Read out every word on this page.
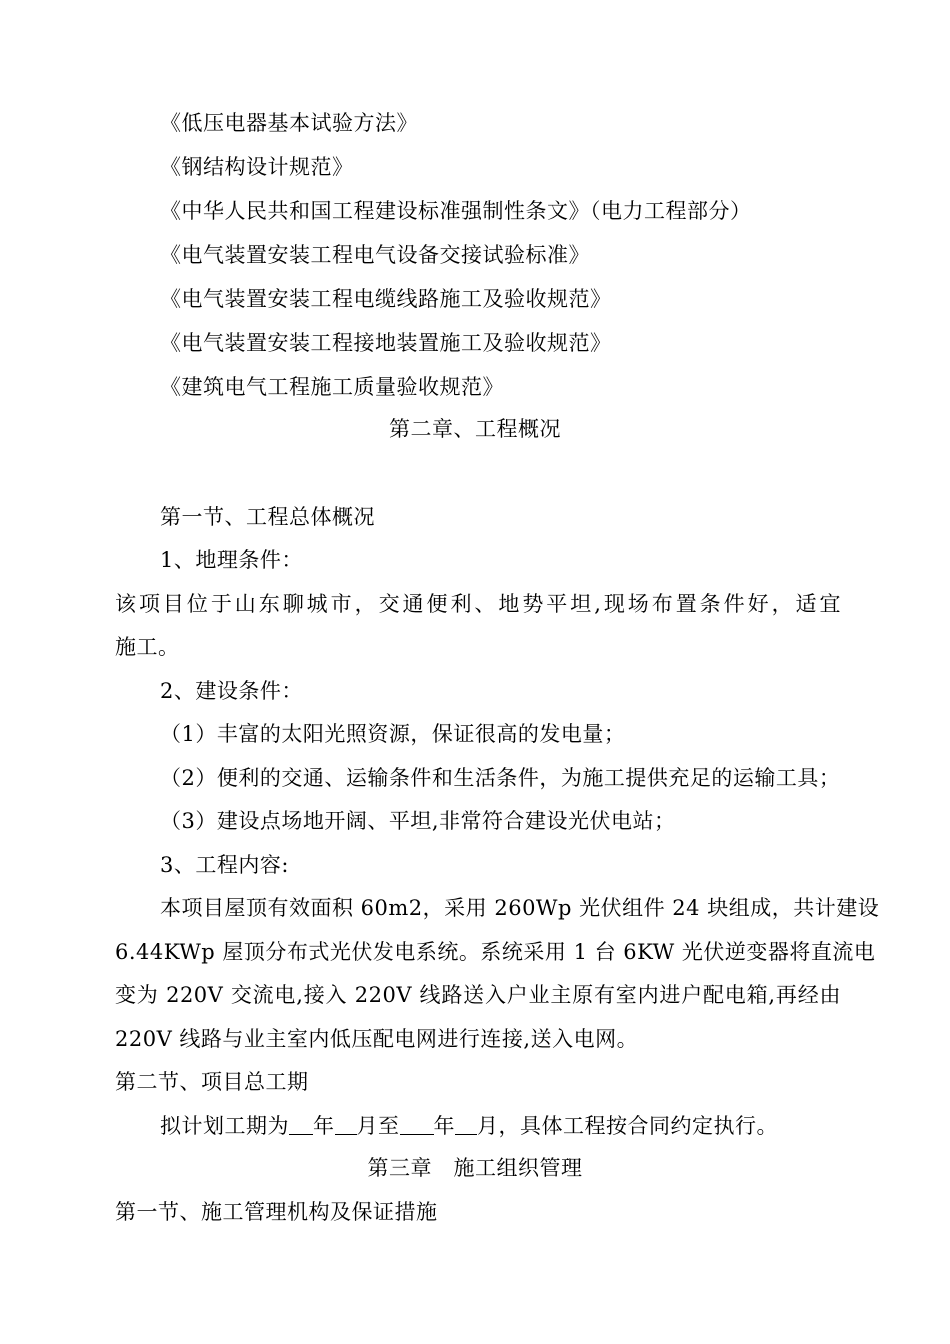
《低压电器基本试验方法》
《钢结构设计规范》
《中华人民共和国工程建设标准强制性条文》（电力工程部分）
《电气装置安装工程电气设备交接试验标准》
《电气装置安装工程电缆线路施工及验收规范》
《电气装置安装工程接地装置施工及验收规范》
《建筑电气工程施工质量验收规范》
第二章、工程概况
第一节、工程总体概况
1、地理条件：
该项目位于山东聊城市，交通便利、地势平坦,现场布置条件好，适宜
施工。
2、建设条件：
（1）丰富的太阳光照资源，保证很高的发电量；
（2）便利的交通、运输条件和生活条件，为施工提供充足的运输工具；
（3）建设点场地开阔、平坦,非常符合建设光伏电站；
3、工程内容:
本项目屋顶有效面积 60m2，采用 260Wp 光伏组件 24 块组成，共计建设
6.44KWp 屋顶分布式光伏发电系统。系统采用 1 台 6KW 光伏逆变器将直流电
变为 220V 交流电,接入 220V 线路送入户业主原有室内进户配电箱,再经由
220V 线路与业主室内低压配电网进行连接,送入电网。
第二节、项目总工期
拟计划工期为 年 月至 年 月，具体工程按合同约定执行。
第三章　施工组织管理
第一节、施工管理机构及保证措施
